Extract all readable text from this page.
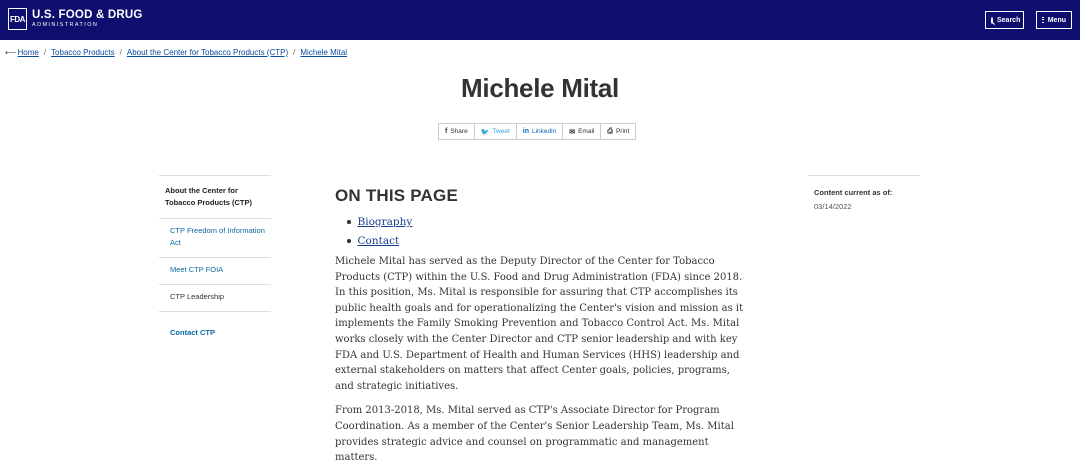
FDA U.S. FOOD & DRUG
ADMINISTRATION
Search	Menu
⟵ Home / Tobacco Products / About the Center for Tobacco Products (CTP) / Michele Mital
Michele Mital
f Share 🐦 Tweet in Linkedin ✉ Email ⎙ Print
About the Center for Tobacco Products (CTP)
CTP Freedom of Information Act
Meet CTP FOIA
CTP Leadership
Contact CTP
ON THIS PAGE
Biography
Contact

Michele Mital has served as the Deputy Director of the Center for Tobacco Products (CTP) within the U.S. Food and Drug Administration (FDA) since 2018. In this position, Ms. Mital is responsible for assuring that CTP accomplishes its public health goals and for operationalizing the Center's vision and mission as it implements the Family Smoking Prevention and Tobacco Control Act. Ms. Mital works closely with the Center Director and CTP senior leadership and with key FDA and U.S. Department of Health and Human Services (HHS) leadership and external stakeholders on matters that affect Center goals, policies, programs, and strategic initiatives.

From 2013-2018, Ms. Mital served as CTP's Associate Director for Program Coordination. As a member of the Center's Senior Leadership Team, Ms. Mital provides strategic advice and counsel on programmatic and management matters.

Content current as of:
03/14/2022
